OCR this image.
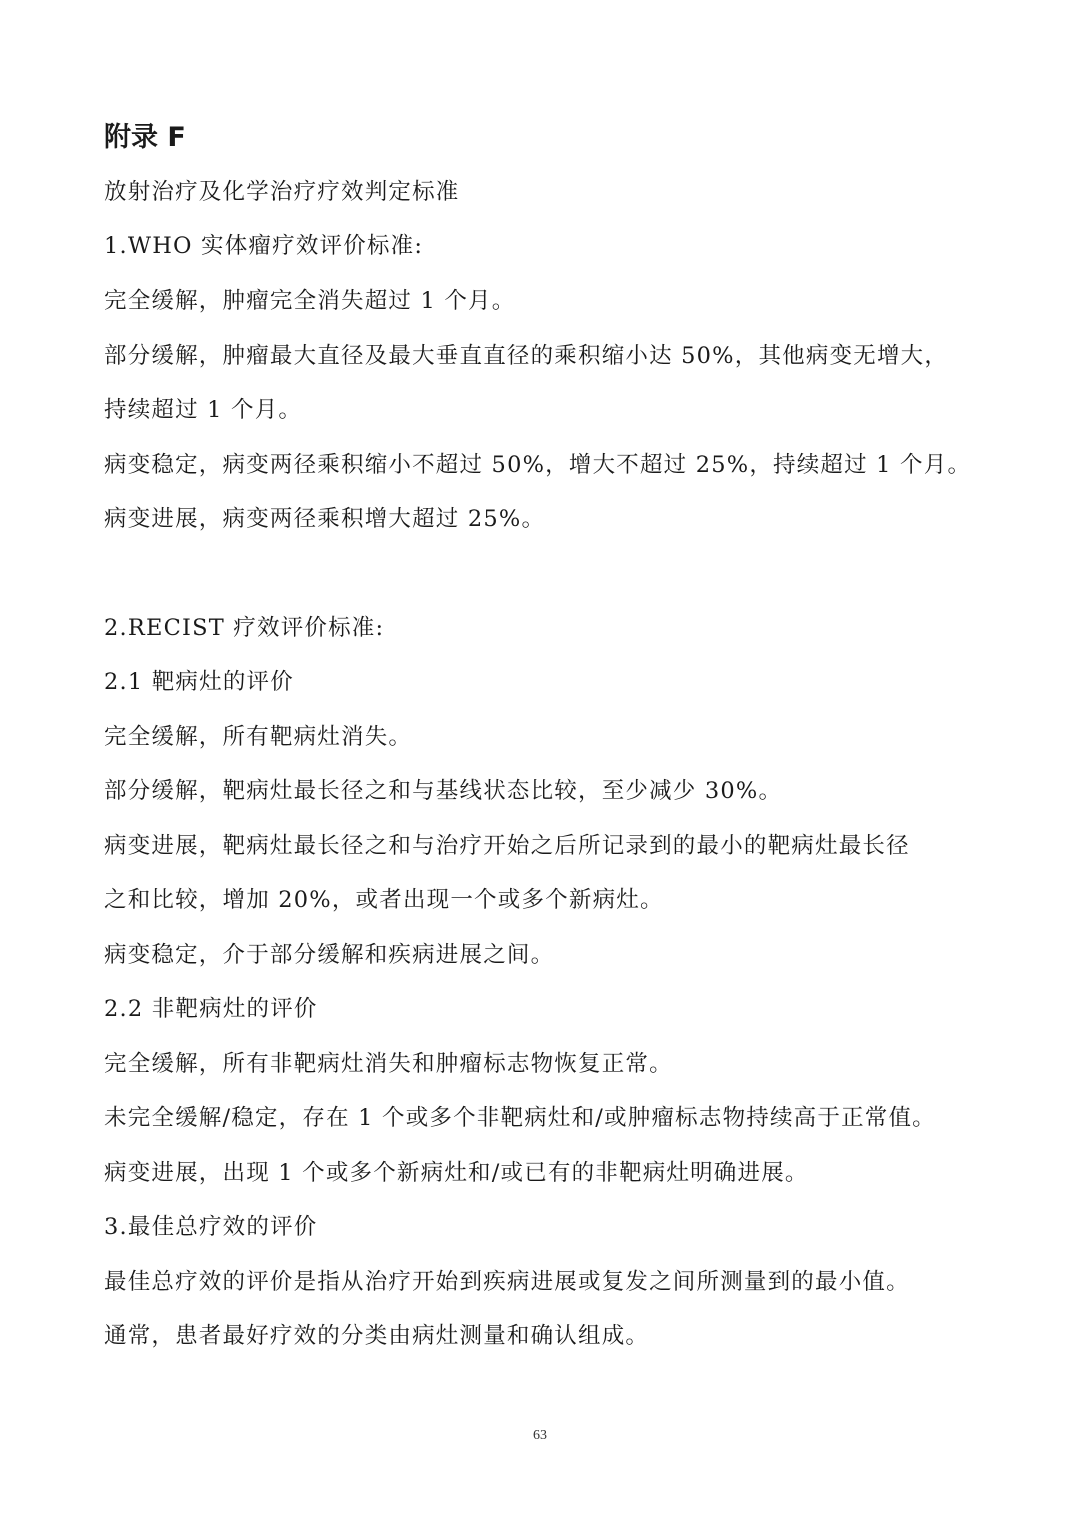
附录 F
放射治疗及化学治疗疗效判定标准
1.WHO 实体瘤疗效评价标准:
完全缓解，肿瘤完全消失超过 1 个月。
部分缓解，肿瘤最大直径及最大垂直直径的乘积缩小达 50%，其他病变无增大，
持续超过 1 个月。
病变稳定，病变两径乘积缩小不超过 50%，增大不超过 25%，持续超过 1 个月。
病变进展，病变两径乘积增大超过 25%。
2.RECIST 疗效评价标准:
2.1 靶病灶的评价
完全缓解，所有靶病灶消失。
部分缓解，靶病灶最长径之和与基线状态比较，至少减少 30%。
病变进展，靶病灶最长径之和与治疗开始之后所记录到的最小的靶病灶最长径
之和比较，增加 20%，或者出现一个或多个新病灶。
病变稳定，介于部分缓解和疾病进展之间。
2.2 非靶病灶的评价
完全缓解，所有非靶病灶消失和肿瘤标志物恢复正常。
未完全缓解/稳定，存在 1 个或多个非靶病灶和/或肿瘤标志物持续高于正常值。
病变进展，出现 1 个或多个新病灶和/或已有的非靶病灶明确进展。
3.最佳总疗效的评价
最佳总疗效的评价是指从治疗开始到疾病进展或复发之间所测量到的最小值。
通常，患者最好疗效的分类由病灶测量和确认组成。
63
